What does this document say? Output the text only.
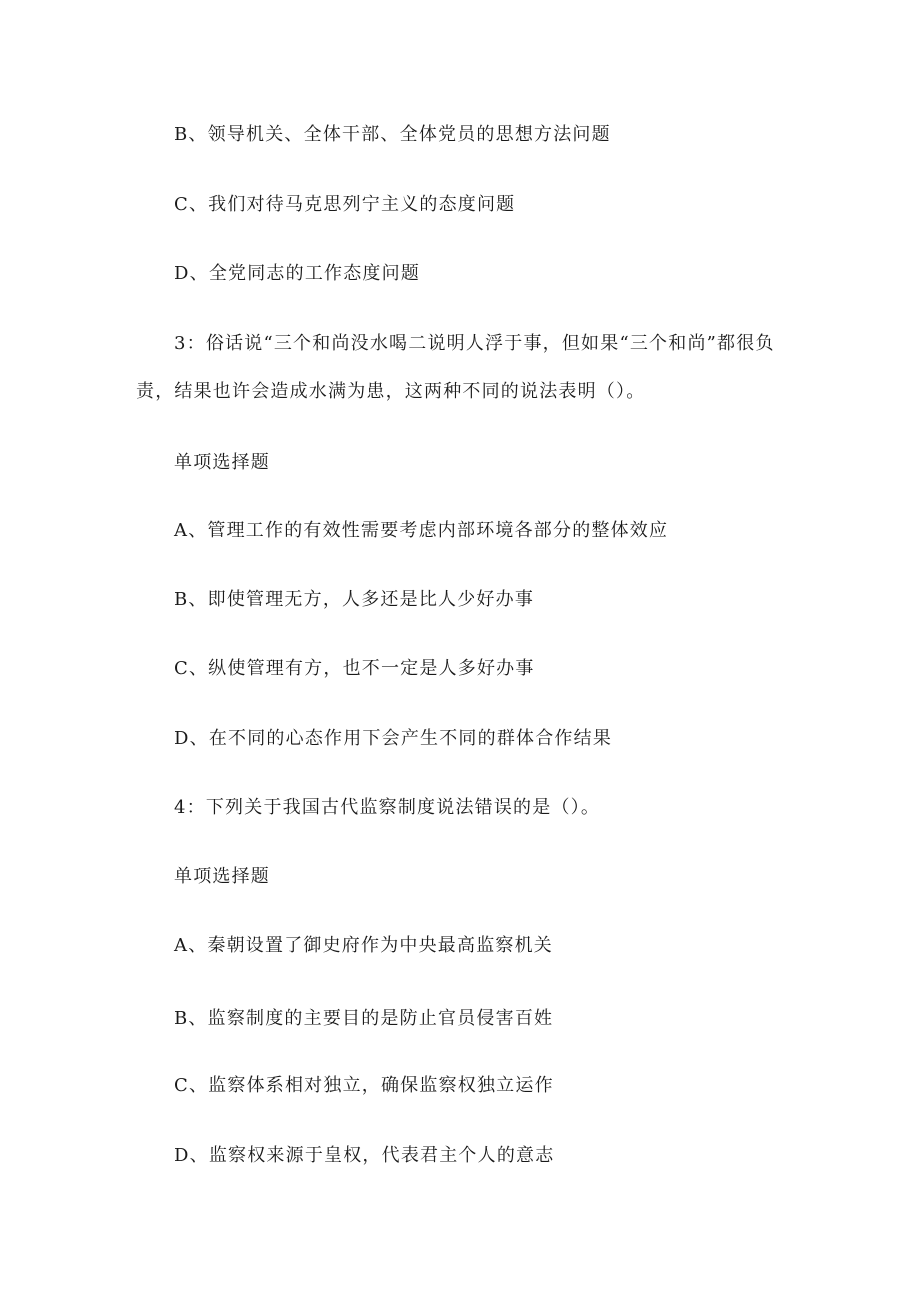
B、领导机关、全体干部、全体党员的思想方法问题
C、我们对待马克思列宁主义的态度问题
D、全党同志的工作态度问题
3：俗话说“三个和尚没水喝二说明人浮于事，但如果“三个和尚”都很负
责，结果也许会造成水满为患，这两种不同的说法表明（）。
单项选择题
A、管理工作的有效性需要考虑内部环境各部分的整体效应
B、即使管理无方，人多还是比人少好办事
C、纵使管理有方，也不一定是人多好办事
D、在不同的心态作用下会产生不同的群体合作结果
4：下列关于我国古代监察制度说法错误的是（）。
单项选择题
A、秦朝设置了御史府作为中央最高监察机关
B、监察制度的主要目的是防止官员侵害百姓
C、监察体系相对独立，确保监察权独立运作
D、监察权来源于皇权，代表君主个人的意志
